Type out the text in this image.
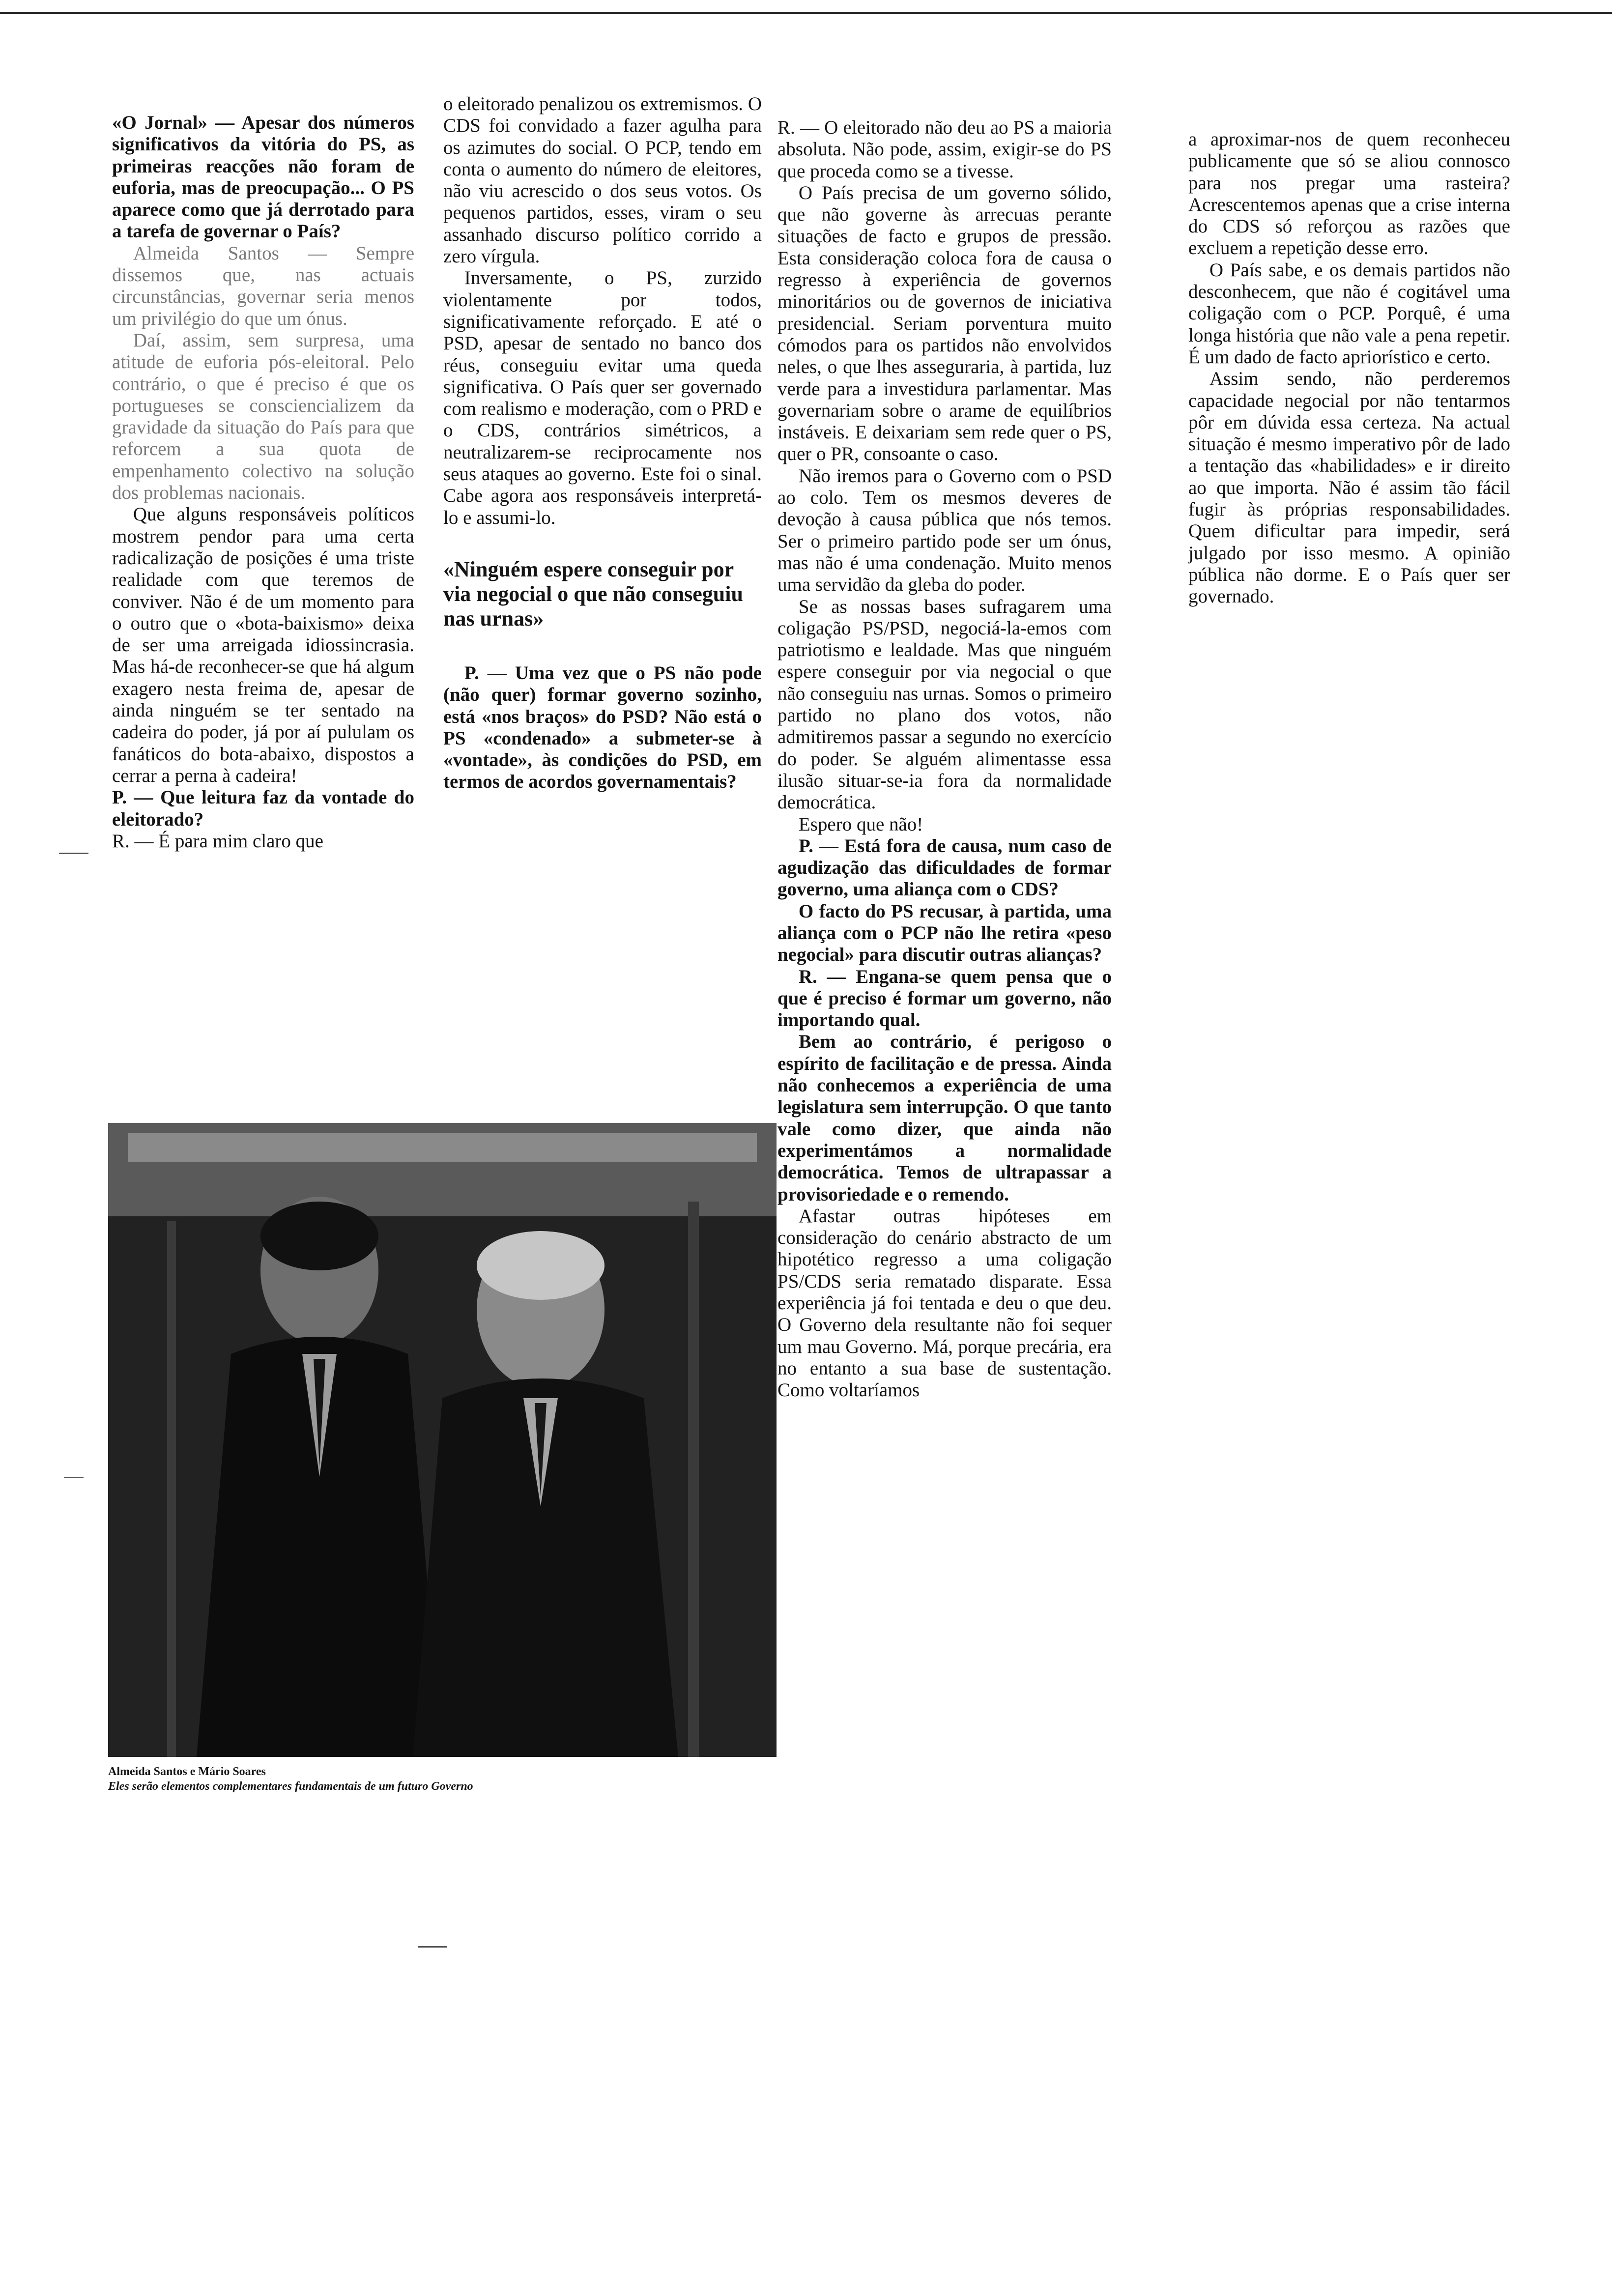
«O Jornal» — Apesar dos números significativos da vitória do PS, as primeiras reacções não foram de euforia, mas de preocupação... O PS aparece como que já derrotado para a tarefa de governar o País?

Almeida Santos — Sempre dissemos que, nas actuais circunstâncias, governar seria menos um privilégio do que um ónus.

Daí, assim, sem surpresa, uma atitude de euforia pós-eleitoral. Pelo contrário, o que é preciso é que os portugueses se consciencializem da gravidade da situação do País para que reforcem a sua quota de empenhamento colectivo na solução dos problemas nacionais.

Que alguns responsáveis políticos mostrem pendor para uma certa radicalização de posições é uma triste realidade com que teremos de conviver. Não é de um momento para o outro que o «bota-baixismo» deixa de ser uma arreigada idiossincrasia. Mas há-de reconhecer-se que há algum exagero nesta freima de, apesar de ainda ninguém se ter sentado na cadeira do poder, já por aí pululam os fanáticos do bota-abaixo, dispostos a cerrar a perna à cadeira!

P. — Que leitura faz da vontade do eleitorado?

R. — É para mim claro que

o eleitorado penalizou os extremismos. O CDS foi convidado a fazer agulha para os azimutes do social. O PCP, tendo em conta o aumento do número de eleitores, não viu acrescido o dos seus votos. Os pequenos partidos, esses, viram o seu assanhado discurso político corrido a zero vírgula.

Inversamente, o PS, zurzido violentamente por todos, significativamente reforçado. E até o PSD, apesar de sentado no banco dos réus, conseguiu evitar uma queda significativa. O País quer ser governado com realismo e moderação, com o PRD e o CDS, contrários simétricos, a neutralizarem-se reciprocamente nos seus ataques ao governo. Este foi o sinal. Cabe agora aos responsáveis interpretá-lo e assumi-lo.

«Ninguém espere conseguir por via negocial o que não conseguiu nas urnas»

P. — Uma vez que o PS não pode (não quer) formar governo sozinho, está «nos braços» do PSD? Não está o PS «condenado» a submeter-se à «vontade», às condições do PSD, em termos de acordos governamentais?

R. — O eleitorado não deu ao PS a maioria absoluta. Não pode, assim, exigir-se do PS que proceda como se a tivesse.

O País precisa de um governo sólido, que não governe às arrecuas perante situações de facto e grupos de pressão. Esta consideração coloca fora de causa o regresso à experiência de governos minoritários ou de governos de iniciativa presidencial. Seriam porventura muito cómodos para os partidos não envolvidos neles, o que lhes asseguraria, à partida, luz verde para a investidura parlamentar. Mas governariam sobre o arame de equilíbrios instáveis. E deixariam sem rede quer o PS, quer o PR, consoante o caso.

Não iremos para o Governo com o PSD ao colo. Tem os mesmos deveres de devoção à causa pública que nós temos. Ser o primeiro partido pode ser um ónus, mas não é uma condenação. Muito menos uma servidão da gleba do poder.

Se as nossas bases sufragarem uma coligação PS/PSD, negociá-la-emos com patriotismo e lealdade. Mas que ninguém espere conseguir por via negocial o que não conseguiu nas urnas. Somos o primeiro partido no plano dos votos, não admitiremos passar a segundo no exercício do poder. Se alguém alimentasse essa ilusão situar-se-ia fora da normalidade democrática.

Espero que não!

P. — Está fora de causa, num caso de agudização das dificuldades de formar governo, uma aliança com o CDS?

O facto do PS recusar, à partida, uma aliança com o PCP não lhe retira «peso negocial» para discutir outras alianças?

R. — Engana-se quem pensa que o que é preciso é formar um governo, não importando qual.

Bem ao contrário, é perigoso o espírito de facilitação e de pressa. Ainda não conhecemos a experiência de uma legislatura sem interrupção. O que tanto vale como dizer, que ainda não experimentámos a normalidade democrática. Temos de ultrapassar a provisoriedade e o remendo.

Afastar outras hipóteses em consideração do cenário abstracto de um hipotético regresso a uma coligação PS/CDS seria rematado disparate. Essa experiência já foi tentada e deu o que deu. O Governo dela resultante não foi sequer um mau Governo. Má, porque precária, era no entanto a sua base de sustentação. Como voltaríamos

a aproximar-nos de quem reconheceu publicamente que só se aliou connosco para nos pregar uma rasteira? Acrescentemos apenas que a crise interna do CDS só reforçou as razões que excluem a repetição desse erro.

O País sabe, e os demais partidos não desconhecem, que não é cogitável uma coligação com o PCP. Porquê, é uma longa história que não vale a pena repetir. É um dado de facto apriorístico e certo.

Assim sendo, não perderemos capacidade negocial por não tentarmos pôr em dúvida essa certeza. Na actual situação é mesmo imperativo pôr de lado a tentação das «habilidades» e ir direito ao que importa. Não é assim tão fácil fugir às próprias responsabilidades. Quem dificultar para impedir, será julgado por isso mesmo. A opinião pública não dorme. E o País quer ser governado.

Almeida Santos e Mário Soares
Eles serão elementos complementares fundamentais de um futuro Governo
